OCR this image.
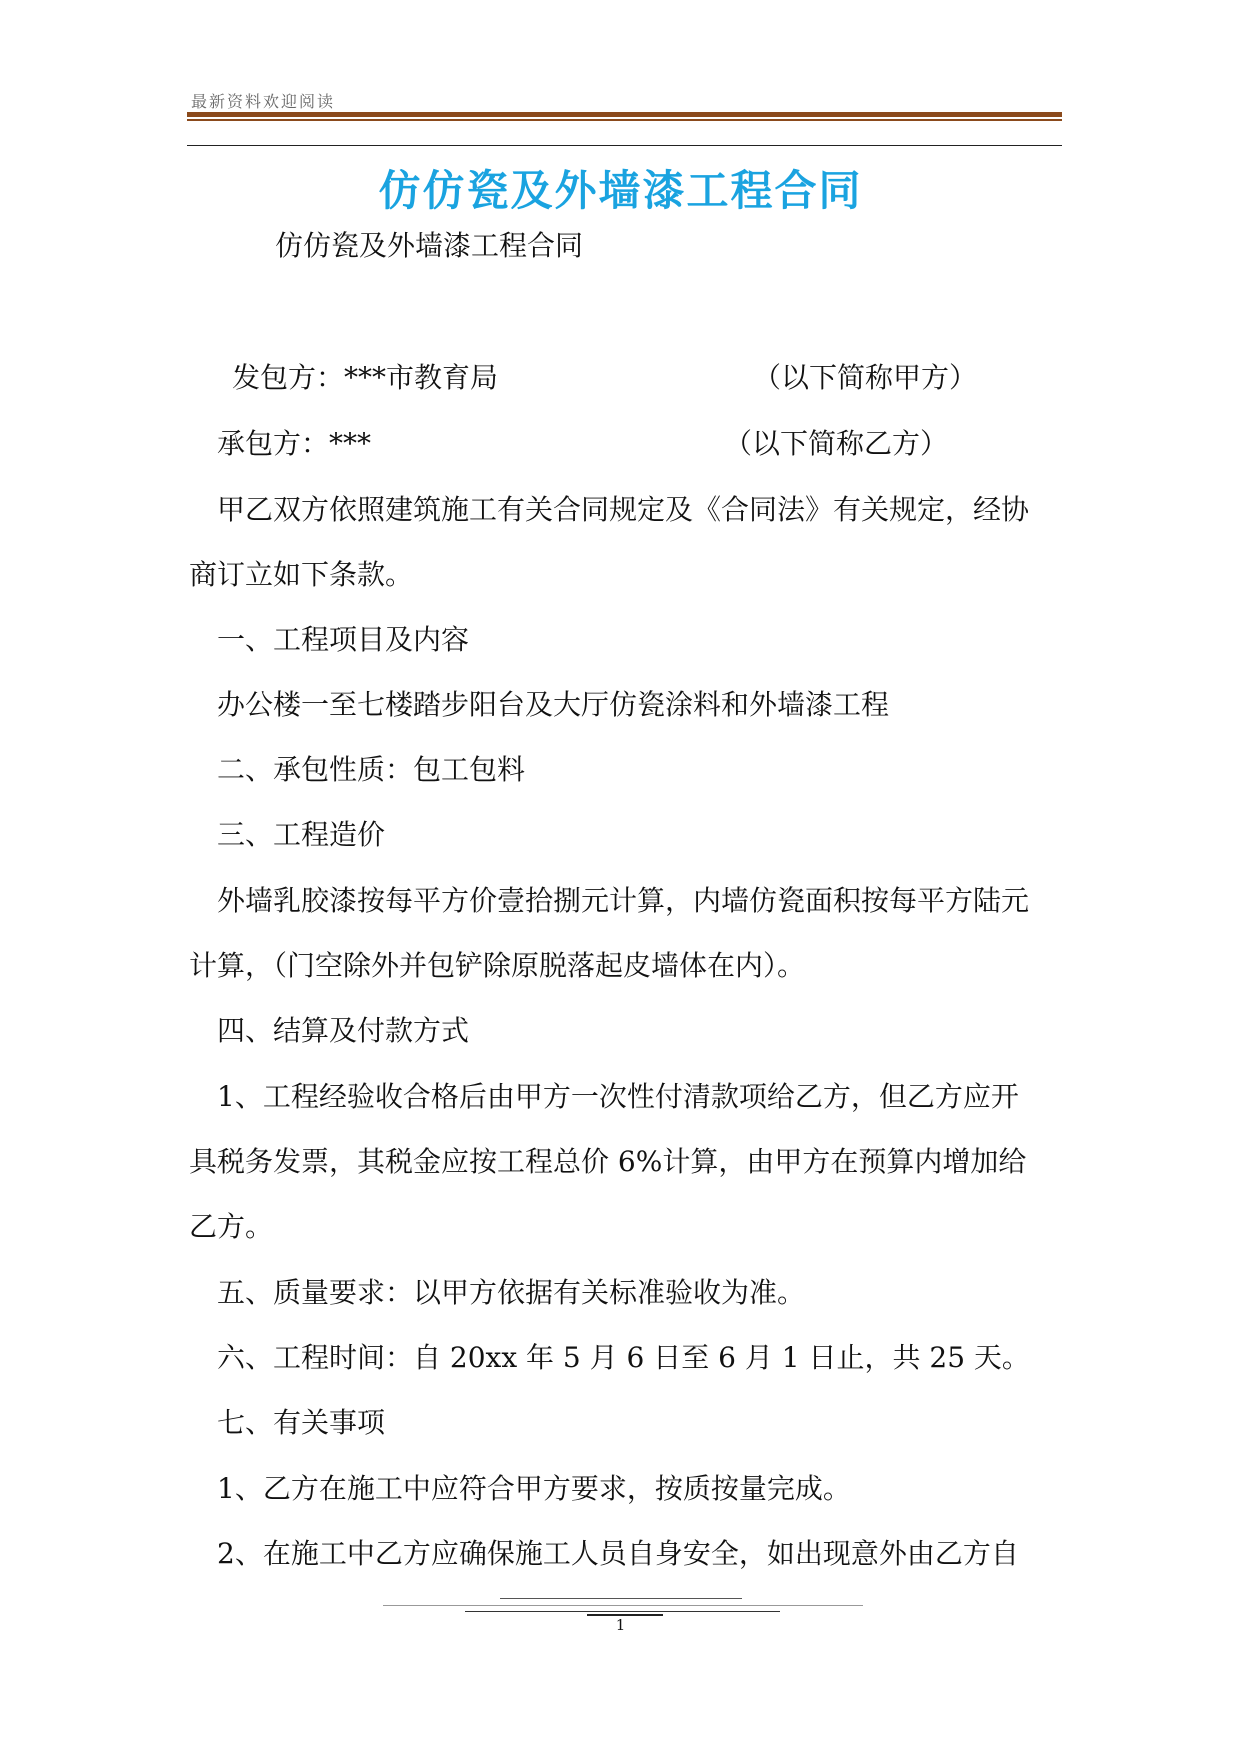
最新资料欢迎阅读
仿仿瓷及外墙漆工程合同
仿仿瓷及外墙漆工程合同
发包方：***市教育局	（以下简称甲方）
承包方：***	（以下简称乙方）
甲乙双方依照建筑施工有关合同规定及《合同法》有关规定，经协
商订立如下条款。
一、工程项目及内容
办公楼一至七楼踏步阳台及大厅仿瓷涂料和外墙漆工程
二、承包性质：包工包料
三、工程造价
外墙乳胶漆按每平方价壹拾捌元计算，内墙仿瓷面积按每平方陆元
计算，（门空除外并包铲除原脱落起皮墙体在内）。
四、结算及付款方式
1、工程经验收合格后由甲方一次性付清款项给乙方，但乙方应开
具税务发票，其税金应按工程总价 6%计算，由甲方在预算内增加给
乙方。
五、质量要求：以甲方依据有关标准验收为准。
六、工程时间：自 20xx 年 5 月 6 日至 6 月 1 日止，共 25 天。
七、有关事项
1、乙方在施工中应符合甲方要求，按质按量完成。
2、在施工中乙方应确保施工人员自身安全，如出现意外由乙方自
1
